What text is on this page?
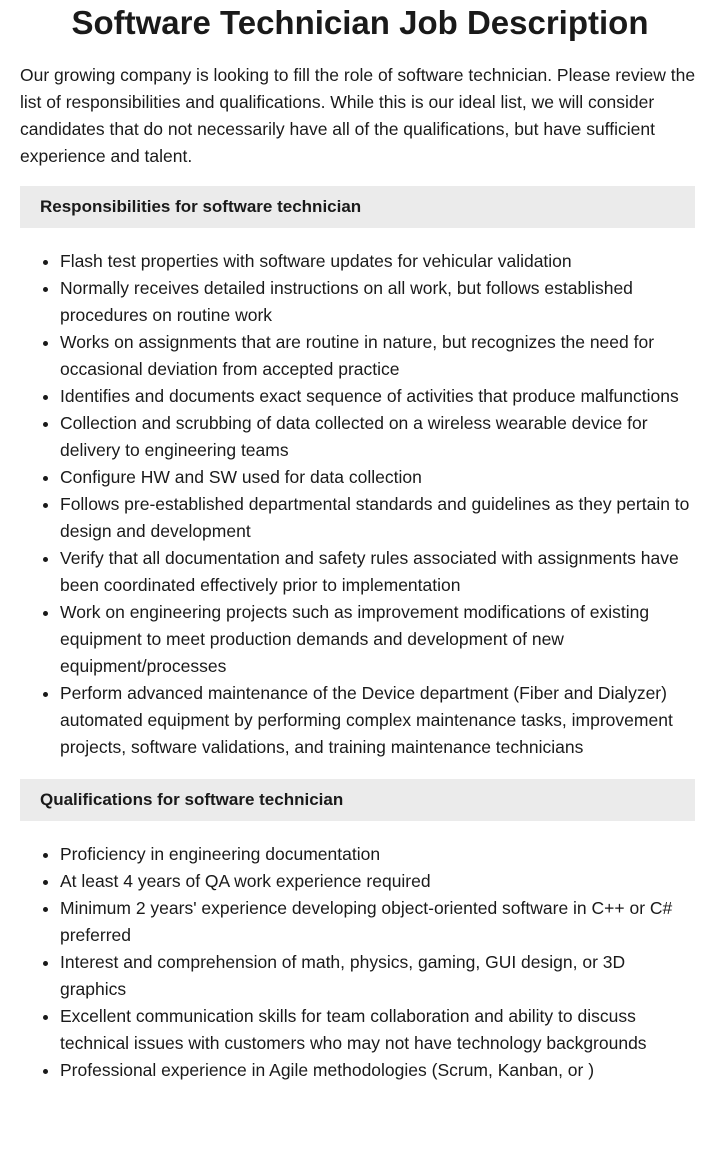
Software Technician Job Description

Our growing company is looking to fill the role of software technician. Please review the list of responsibilities and qualifications. While this is our ideal list, we will consider candidates that do not necessarily have all of the qualifications, but have sufficient experience and talent.

Responsibilities for software technician
• Flash test properties with software updates for vehicular validation
• Normally receives detailed instructions on all work, but follows established procedures on routine work
• Works on assignments that are routine in nature, but recognizes the need for occasional deviation from accepted practice
• Identifies and documents exact sequence of activities that produce malfunctions
• Collection and scrubbing of data collected on a wireless wearable device for delivery to engineering teams
• Configure HW and SW used for data collection
• Follows pre-established departmental standards and guidelines as they pertain to design and development
• Verify that all documentation and safety rules associated with assignments have been coordinated effectively prior to implementation
• Work on engineering projects such as improvement modifications of existing equipment to meet production demands and development of new equipment/processes
• Perform advanced maintenance of the Device department (Fiber and Dialyzer) automated equipment by performing complex maintenance tasks, improvement projects, software validations, and training maintenance technicians
Qualifications for software technician
• Proficiency in engineering documentation
• At least 4 years of QA work experience required
• Minimum 2 years' experience developing object-oriented software in C++ or C# preferred
• Interest and comprehension of math, physics, gaming, GUI design, or 3D graphics
• Excellent communication skills for team collaboration and ability to discuss technical issues with customers who may not have technology backgrounds
• Professional experience in Agile methodologies (Scrum, Kanban, or )
